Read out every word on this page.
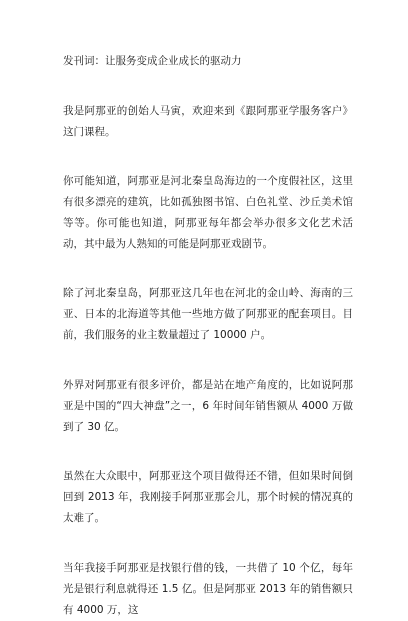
发刊词：让服务变成企业成长的驱动力

我是阿那亚的创始人马寅，欢迎来到《跟阿那亚学服务客户》这门课程。

你可能知道，阿那亚是河北秦皇岛海边的一个度假社区，这里有很多漂亮的建筑，比如孤独图书馆、白色礼堂、沙丘美术馆等等。你可能也知道，阿那亚每年都会举办很多文化艺术活动，其中最为人熟知的可能是阿那亚戏剧节。

除了河北秦皇岛，阿那亚这几年也在河北的金山岭、海南的三亚、日本的北海道等其他一些地方做了阿那亚的配套项目。目前，我们服务的业主数量超过了 10000 户。

外界对阿那亚有很多评价，都是站在地产角度的，比如说阿那亚是中国的“四大神盘”之一，6 年时间年销售额从 4000 万做到了 30 亿。

虽然在大众眼中，阿那亚这个项目做得还不错，但如果时间倒回到 2013 年，我刚接手阿那亚那会儿，那个时候的情况真的太难了。

当年我接手阿那亚是找银行借的钱，一共借了 10 个亿，每年光是银行利息就得还 1.5 亿。但是阿那亚 2013 年的销售额只有 4000 万，这
